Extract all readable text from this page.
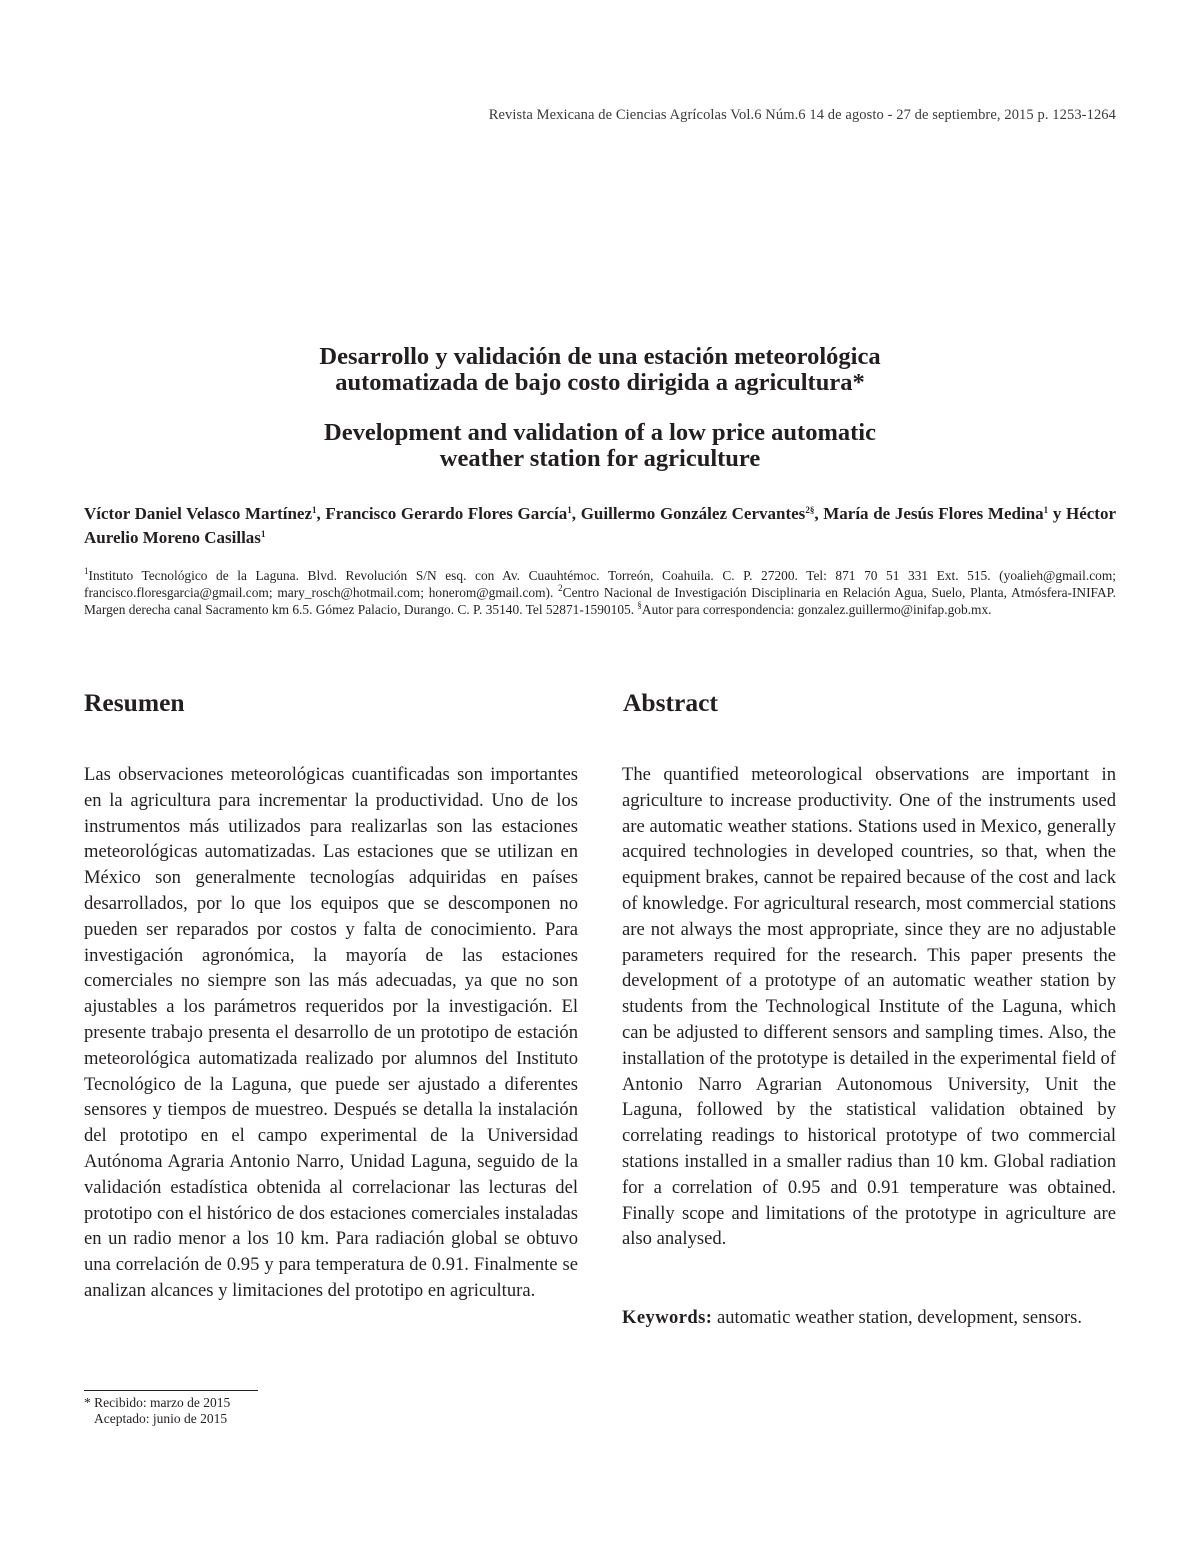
Revista Mexicana de Ciencias Agrícolas Vol.6 Núm.6 14 de agosto - 27 de septiembre, 2015 p. 1253-1264
Desarrollo y validación de una estación meteorológica
automatizada de bajo costo dirigida a agricultura*
Development and validation of a low price automatic
weather station for agriculture
Víctor Daniel Velasco Martínez$^1$, Francisco Gerardo Flores García$^1$, Guillermo González Cervantes$^{2\S}$, María de Jesús Flores Medina$^1$ y Héctor Aurelio Moreno Casillas$^1$
$^1$Instituto Tecnológico de la Laguna. Blvd. Revolución S/N esq. con Av. Cuauhtémoc. Torreón, Coahuila. C. P. 27200. Tel: 871 70 51 331 Ext. 515. (yoalieh@gmail.com; francisco.floresgarcia@gmail.com; mary_rosch@hotmail.com; honerom@gmail.com). $^2$Centro Nacional de Investigación Disciplinaria en Relación Agua, Suelo, Planta, Atmósfera-INIFAP. Margen derecha canal Sacramento km 6.5. Gómez Palacio, Durango. C. P. 35140. Tel 52871-1590105. §Autor para correspondencia: gonzalez.guillermo@inifap.gob.mx.
Resumen	Abstract

Las observaciones meteorológicas cuantificadas son importantes en la agricultura para incrementar la productividad. Uno de los instrumentos más utilizados para realizarlas son las estaciones meteorológicas automatizadas. Las estaciones que se utilizan en México son generalmente tecnologías adquiridas en países desarrollados, por lo que los equipos que se descomponen no pueden ser reparados por costos y falta de conocimiento. Para investigación agronómica, la mayoría de las estaciones comerciales no siempre son las más adecuadas, ya que no son ajustables a los parámetros requeridos por la investigación. El presente trabajo presenta el desarrollo de un prototipo de estación meteorológica automatizada realizado por alumnos del Instituto Tecnológico de la Laguna, que puede ser ajustado a diferentes sensores y tiempos de muestreo. Después se detalla la instalación del prototipo en el campo experimental de la Universidad Autónoma Agraria Antonio Narro, Unidad Laguna, seguido de la validación estadística obtenida al correlacionar las lecturas del prototipo con el histórico de dos estaciones comerciales instaladas en un radio menor a los 10 km. Para radiación global se obtuvo una correlación de 0.95 y para temperatura de 0.91. Finalmente se analizan alcances y limitaciones del prototipo en agricultura.

The quantified meteorological observations are important in agriculture to increase productivity. One of the instruments used are automatic weather stations. Stations used in Mexico, generally acquired technologies in developed countries, so that, when the equipment brakes, cannot be repaired because of the cost and lack of knowledge. For agricultural research, most commercial stations are not always the most appropriate, since they are no adjustable parameters required for the research. This paper presents the development of a prototype of an automatic weather station by students from the Technological Institute of the Laguna, which can be adjusted to different sensors and sampling times. Also, the installation of the prototype is detailed in the experimental field of Antonio Narro Agrarian Autonomous University, Unit the Laguna, followed by the statistical validation obtained by correlating readings to historical prototype of two commercial stations installed in a smaller radius than 10 km. Global radiation for a correlation of 0.95 and 0.91 temperature was obtained. Finally scope and limitations of the prototype in agriculture are also analysed.

Keywords: automatic weather station, development, sensors.

* Recibido: marzo de 2015
Aceptado: junio de 2015
